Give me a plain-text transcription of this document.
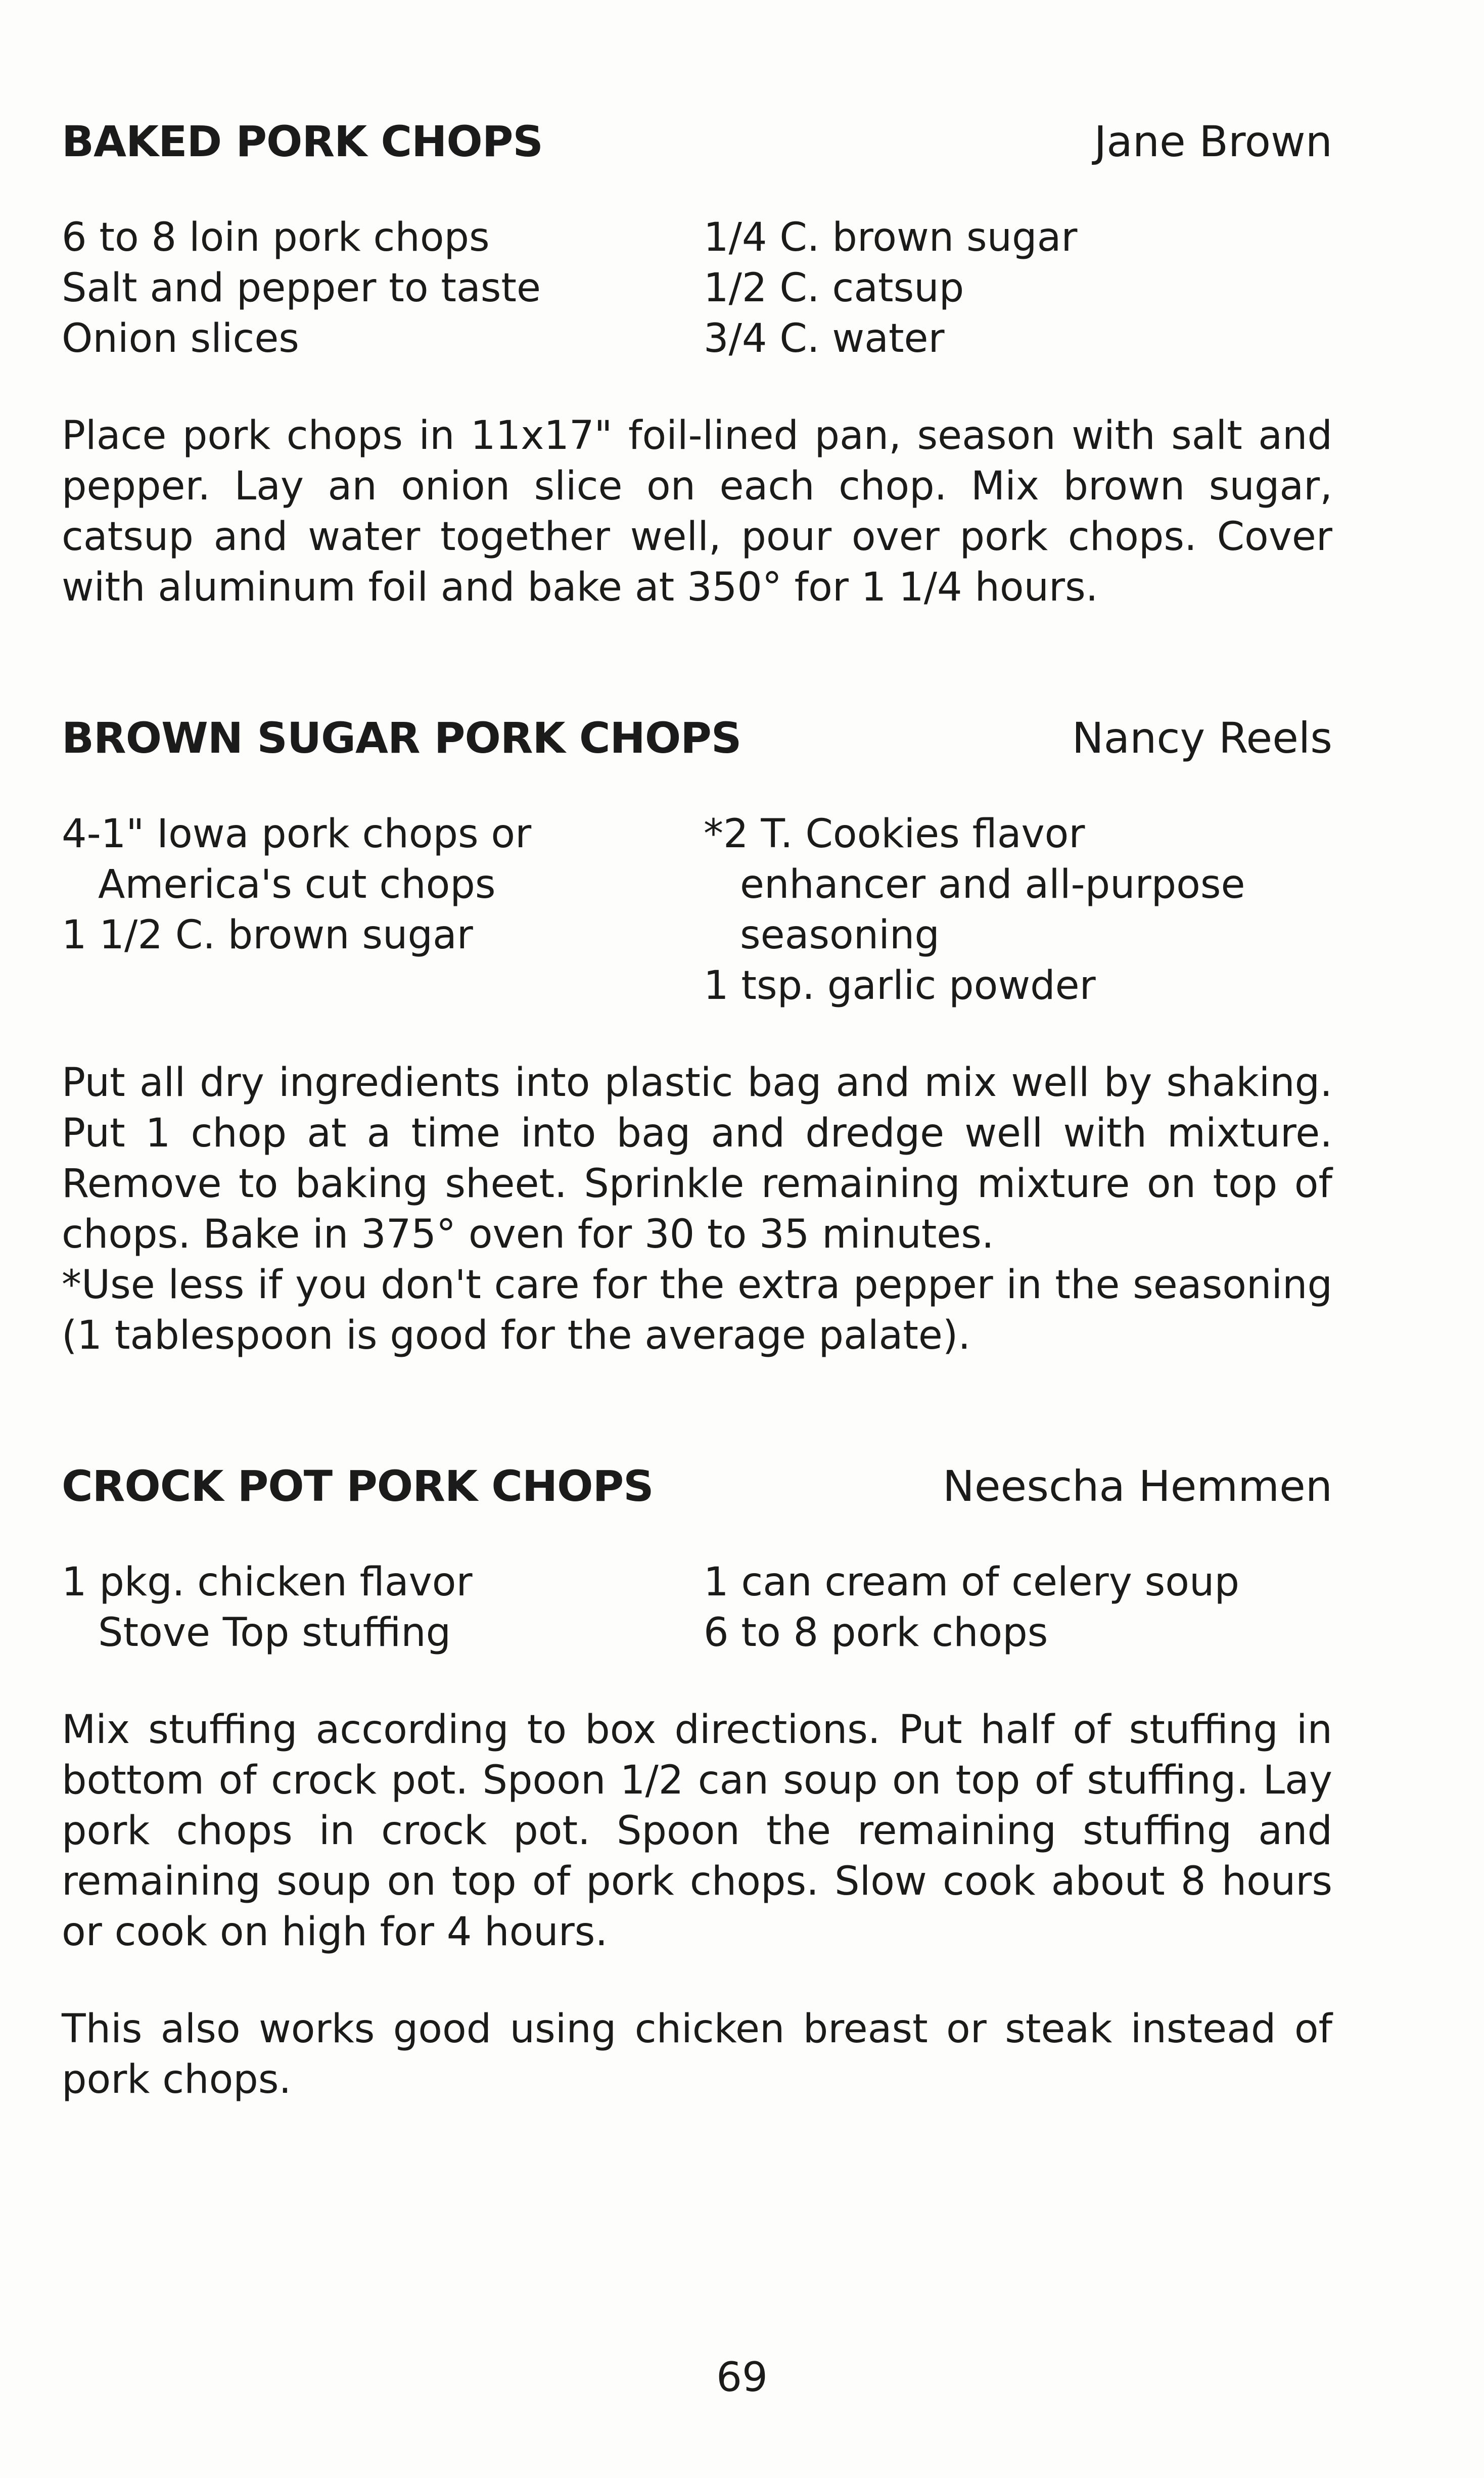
BAKED PORK CHOPS	Jane Brown
6 to 8 loin pork chops
Salt and pepper to taste
Onion slices
1/4 C. brown sugar
1/2 C. catsup
3/4 C. water

Place pork chops in 11x17" foil-lined pan, season with salt and pepper. Lay an onion slice on each chop. Mix brown sugar, catsup and water together well, pour over pork chops. Cover with aluminum foil and bake at 350° for 1 1/4 hours.

BROWN SUGAR PORK CHOPS	Nancy Reels
4-1" Iowa pork chops or
America's cut chops
1 1/2 C. brown sugar
*2 T. Cookies flavor
enhancer and all-purpose
seasoning
1 tsp. garlic powder

Put all dry ingredients into plastic bag and mix well by shaking. Put 1 chop at a time into bag and dredge well with mixture. Remove to baking sheet. Sprinkle remaining mixture on top of chops. Bake in 375° oven for 30 to 35 minutes.

*Use less if you don't care for the extra pepper in the seasoning (1 tablespoon is good for the average palate).

CROCK POT PORK CHOPS	Neescha Hemmen
1 pkg. chicken flavor
Stove Top stuffing
1 can cream of celery soup
6 to 8 pork chops

Mix stuffing according to box directions. Put half of stuffing in bottom of crock pot. Spoon 1/2 can soup on top of stuffing. Lay pork chops in crock pot. Spoon the remaining stuffing and remaining soup on top of pork chops. Slow cook about 8 hours or cook on high for 4 hours.

This also works good using chicken breast or steak instead of pork chops.

69
